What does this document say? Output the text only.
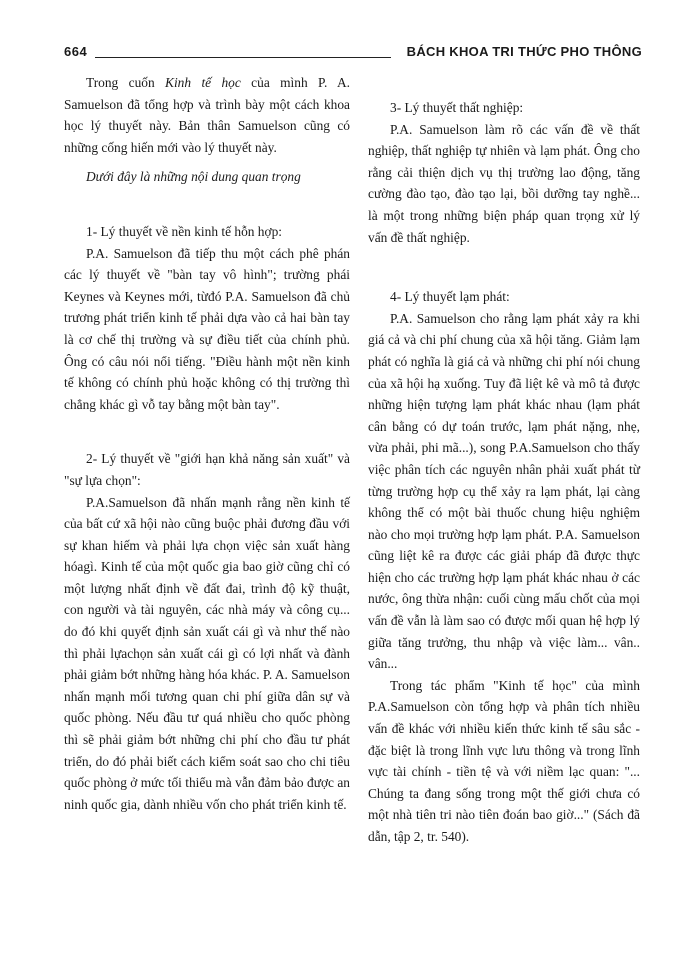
664	BÁCH KHOA TRI THỨC PHO THÔNG

Trong cuốn Kinh tế học của mình P. A. Samuelson đã tổng hợp và trình bày một cách khoa học lý thuyết này. Bản thân Samuelson cũng có những cống hiến mới vào lý thuyết này.

Dưới đây là những nội dung quan trọng

1- Lý thuyết về nền kinh tế hỗn hợp:

P.A. Samuelson đã tiếp thu một cách phê phán các lý thuyết về "bàn tay vô hình"; trường phái Keynes và Keynes mới, từđó P.A. Samuelson đã chủ trương phát triển kinh tế phải dựa vào cả hai bàn tay là cơ chế thị trường và sự điều tiết của chính phủ. Ông có câu nói nổi tiếng. "Điều hành một nền kinh tế không có chính phủ hoặc không có thị trường thì chẳng khác gì vỗ tay bằng một bàn tay".

2- Lý thuyết về "giới hạn khả năng sản xuất" và "sự lựa chọn":

P.A.Samuelson đã nhấn mạnh rằng nền kinh tế của bất cứ xã hội nào cũng buộc phải đương đầu với sự khan hiếm và phải lựa chọn việc sản xuất hàng hóagì. Kinh tế của một quốc gia bao giờ cũng chỉ có một lượng nhất định về đất đai, trình độ kỹ thuật, con người và tài nguyên, các nhà máy và công cụ... do đó khi quyết định sản xuất cái gì và như thế nào thì phải lựachọn sản xuất cái gì có lợi nhất và đành phải giảm bớt những hàng hóa khác. P. A. Samuelson nhấn mạnh mối tương quan chi phí giữa dân sự và quốc phòng. Nếu đầu tư quá nhiều cho quốc phòng thì sẽ phải giảm bớt những chi phí cho đầu tư phát triển, do đó phải biết cách kiểm soát sao cho chi tiêu quốc phòng ở mức tối thiểu mà vẫn đảm bảo được an ninh quốc gia, dành nhiều vốn cho phát triển kinh tế.

3- Lý thuyết thất nghiệp:

P.A. Samuelson làm rõ các vấn đề về thất nghiệp, thất nghiệp tự nhiên và lạm phát. Ông cho rằng cải thiện dịch vụ thị trường lao động, tăng cường đào tạo, đào tạo lại, bồi dưỡng tay nghề... là một trong những biện pháp quan trọng xử lý vấn đề thất nghiệp.

4- Lý thuyết lạm phát:

P.A. Samuelson cho rằng lạm phát xảy ra khi giá cả và chi phí chung của xã hội tăng. Giảm lạm phát có nghĩa là giá cả và những chi phí nói chung của xã hội hạ xuống. Tuy đã liệt kê và mô tả được những hiện tượng lạm phát khác nhau (lạm phát cân bằng có dự toán trước, lạm phát nặng, nhẹ, vừa phải, phi mã...), song P.A.Samuelson cho thấy việc phân tích các nguyên nhân phải xuất phát từ từng trường hợp cụ thể xảy ra lạm phát, lại càng không thể có một bài thuốc chung hiệu nghiệm nào cho mọi trường hợp lạm phát. P.A. Samuelson cũng liệt kê ra được các giải pháp đã được thực hiện cho các trường hợp lạm phát khác nhau ở các nước, ông thừa nhận: cuối cùng mấu chốt của mọi vấn đề vẫn là làm sao có được mối quan hệ hợp lý giữa tăng trưởng, thu nhập và việc làm... vân.. vân...

Trong tác phẩm "Kinh tế học" của mình P.A.Samuelson còn tổng hợp và phân tích nhiều vấn đề khác với nhiều kiến thức kinh tế sâu sắc - đặc biệt là trong lĩnh vực lưu thông và trong lĩnh vực tài chính - tiền tệ và với niềm lạc quan: "... Chúng ta đang sống trong một thế giới chưa có một nhà tiên tri nào tiên đoán bao giờ..." (Sách đã dẫn, tập 2, tr. 540).
